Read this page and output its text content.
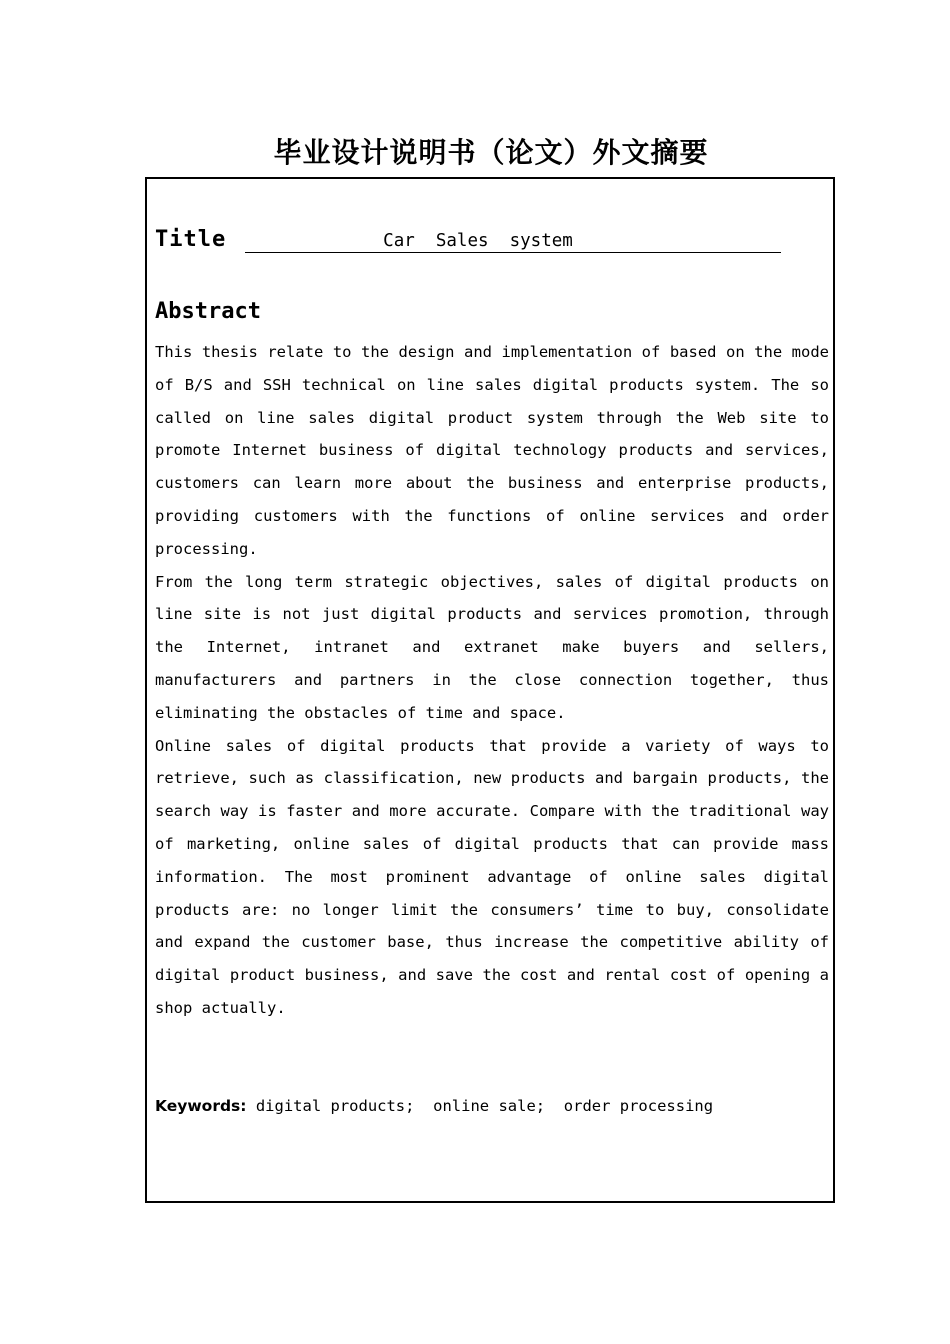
毕业设计说明书（论文）外文摘要
Title	Car  Sales  system
Abstract

This thesis relate to the design and implementation of based on the mode of B/S and SSH technical on line sales digital products system. The so called on line sales digital product system through the Web site to promote Internet business of digital technology products and services, customers can learn more about the business and enterprise products, providing customers with the functions of online services and order processing.

From the long term strategic objectives, sales of digital products on line site is not just digital products and services promotion, through the Internet, intranet and extranet make buyers and sellers, manufacturers and partners in the close connection together, thus eliminating the obstacles of time and space.

Online sales of digital products that provide a variety of ways to retrieve, such as classification, new products and bargain products, the search way is faster and more accurate. Compare with the traditional way of marketing, online sales of digital products that can provide mass information. The most prominent advantage of online sales digital products are: no longer limit the consumers’ time to buy, consolidate and expand the customer base, thus increase the competitive ability of digital product business, and save the cost and rental cost of opening a shop actually.

Keywords: digital products;  online sale;  order processing
